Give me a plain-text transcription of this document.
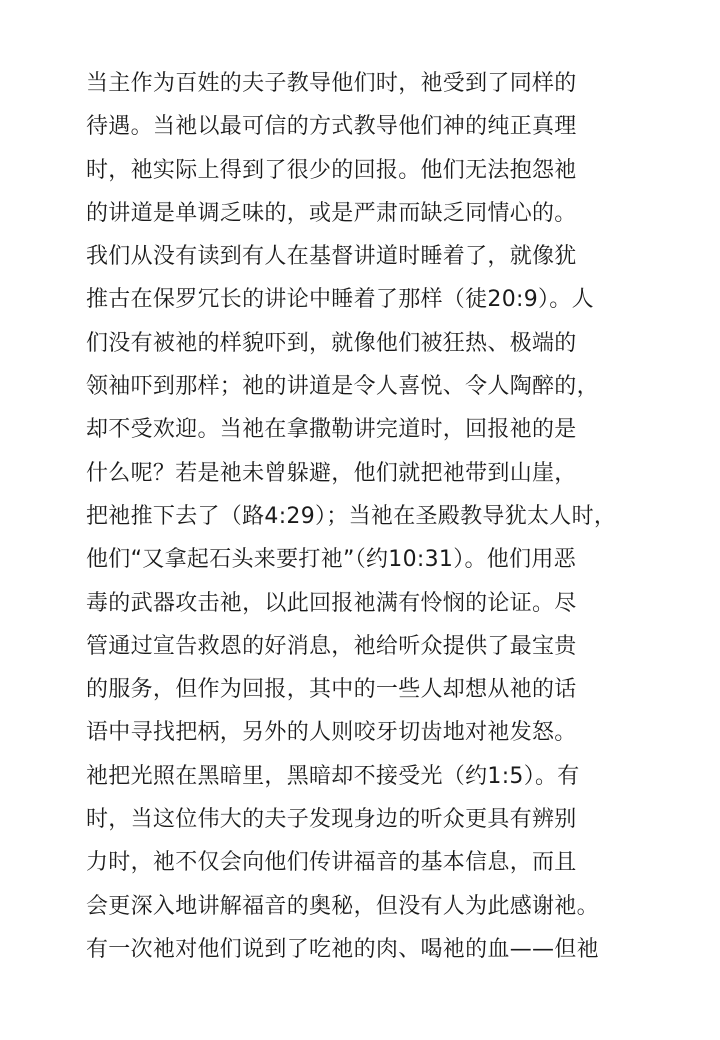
当主作为百姓的夫子教导他们时，祂受到了同样的
待遇。当祂以最可信的方式教导他们神的纯正真理
时，祂实际上得到了很少的回报。他们无法抱怨祂
的讲道是单调乏味的，或是严肃而缺乏同情心的。
我们从没有读到有人在基督讲道时睡着了，就像犹
推古在保罗冗长的讲论中睡着了那样（徒20:9）。人
们没有被祂的样貌吓到，就像他们被狂热、极端的
领袖吓到那样；祂的讲道是令人喜悦、令人陶醉的，
却不受欢迎。当祂在拿撒勒讲完道时，回报祂的是
什么呢？若是祂未曾躲避，他们就把祂带到山崖，
把祂推下去了（路4:29）；当祂在圣殿教导犹太人时，
他们“又拿起石头来要打祂”（约10:31）。他们用恶
毒的武器攻击祂，以此回报祂满有怜悯的论证。尽
管通过宣告救恩的好消息，祂给听众提供了最宝贵
的服务，但作为回报，其中的一些人却想从祂的话
语中寻找把柄，另外的人则咬牙切齿地对祂发怒。
祂把光照在黑暗里，黑暗却不接受光（约1:5）。有
时，当这位伟大的夫子发现身边的听众更具有辨别
力时，祂不仅会向他们传讲福音的基本信息，而且
会更深入地讲解福音的奥秘，但没有人为此感谢祂。
有一次祂对他们说到了吃祂的肉、喝祂的血——但祂
